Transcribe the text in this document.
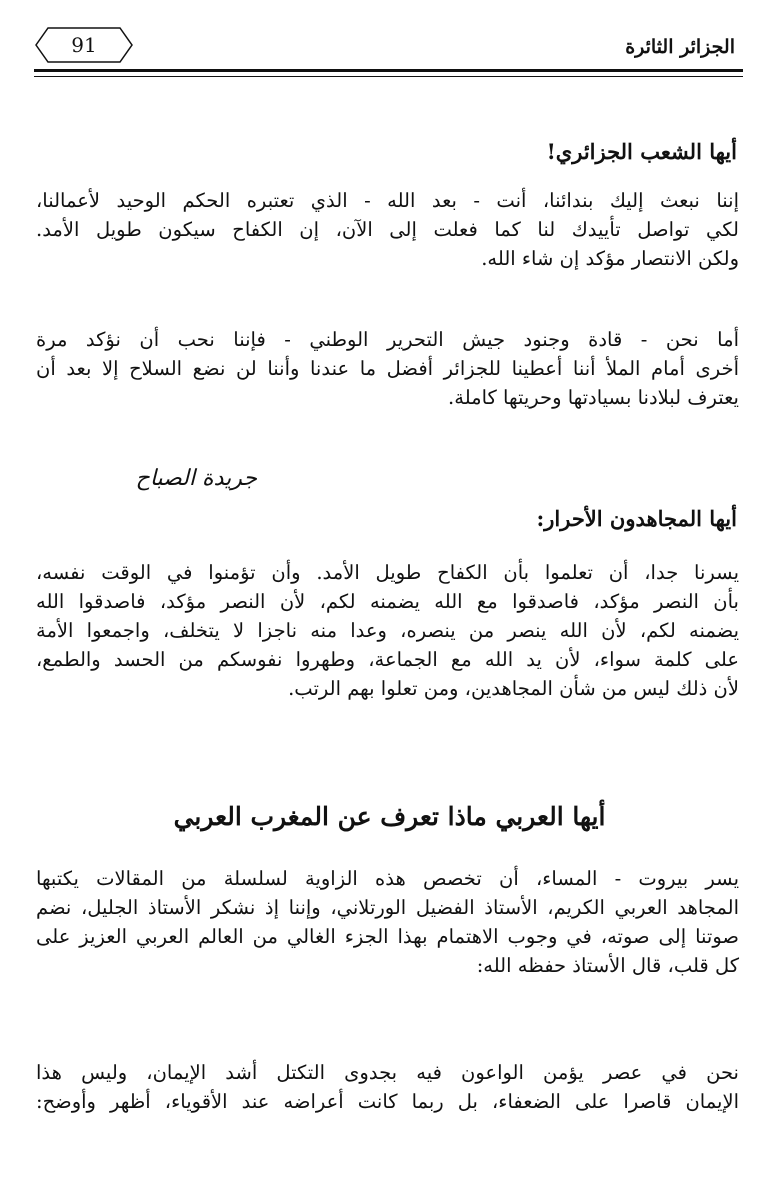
الجزائر الثائرة
91
أيها الشعب الجزائري!
إننا نبعث إليك بندائنا، أنت - بعد الله - الذي تعتبره الحكم الوحيد لأعمالنا،
لكي تواصل تأييدك لنا كما فعلت إلى الآن، إن الكفاح سيكون طويل الأمد.
ولكن الانتصار مؤكد إن شاء الله.
أما نحن - قادة وجنود جيش التحرير الوطني - فإننا نحب أن نؤكد مرة
أخرى أمام الملأ أننا أعطينا للجزائر أفضل ما عندنا وأننا لن نضع السلاح إلا بعد أن
يعترف لبلادنا بسيادتها وحريتها كاملة.
جريدة الصباح
أيها المجاهدون الأحرار:
يسرنا جدا، أن تعلموا بأن الكفاح طويل الأمد. وأن تؤمنوا في الوقت نفسه،
بأن النصر مؤكد، فاصدقوا مع الله يضمنه لكم، لأن النصر مؤكد، فاصدقوا الله
يضمنه لكم، لأن الله ينصر من ينصره، وعدا منه ناجزا لا يتخلف، واجمعوا الأمة
على كلمة سواء، لأن يد الله مع الجماعة، وطهروا نفوسكم من الحسد والطمع،
لأن ذلك ليس من شأن المجاهدين، ومن تعلوا بهم الرتب.
أيها العربي ماذا تعرف عن المغرب العربي
يسر بيروت - المساء، أن تخصص هذه الزاوية لسلسلة من المقالات يكتبها
المجاهد العربي الكريم، الأستاذ الفضيل الورتلاني، وإننا إذ نشكر الأستاذ الجليل، نضم
صوتنا إلى صوته، في وجوب الاهتمام بهذا الجزء الغالي من العالم العربي العزيز على
كل قلب، قال الأستاذ حفظه الله:
نحن في عصر يؤمن الواعون فيه بجدوى التكتل أشد الإيمان، وليس هذا
الإيمان قاصرا على الضعفاء، بل ربما كانت أعراضه عند الأقوياء، أظهر وأوضح:
